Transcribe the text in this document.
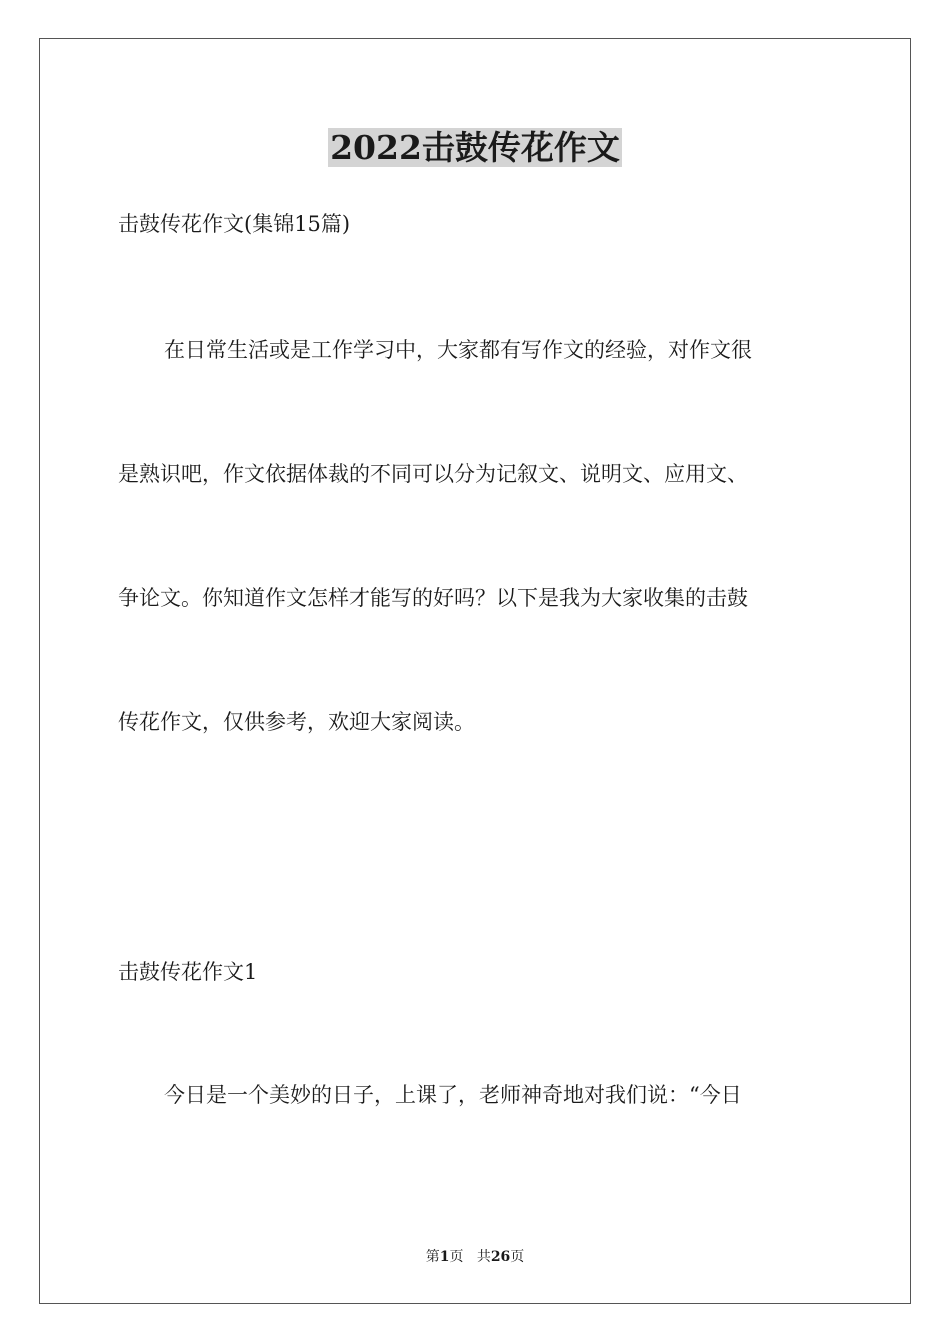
2022击鼓传花作文

击鼓传花作文(集锦15篇)

在日常生活或是工作学习中，大家都有写作文的经验，对作文很

是熟识吧，作文依据体裁的不同可以分为记叙文、说明文、应用文、

争论文。你知道作文怎样才能写的好吗？以下是我为大家收集的击鼓

传花作文，仅供参考，欢迎大家阅读。

击鼓传花作文1

今日是一个美妙的日子，上课了，老师神奇地对我们说：“今日

第1页 共26页
